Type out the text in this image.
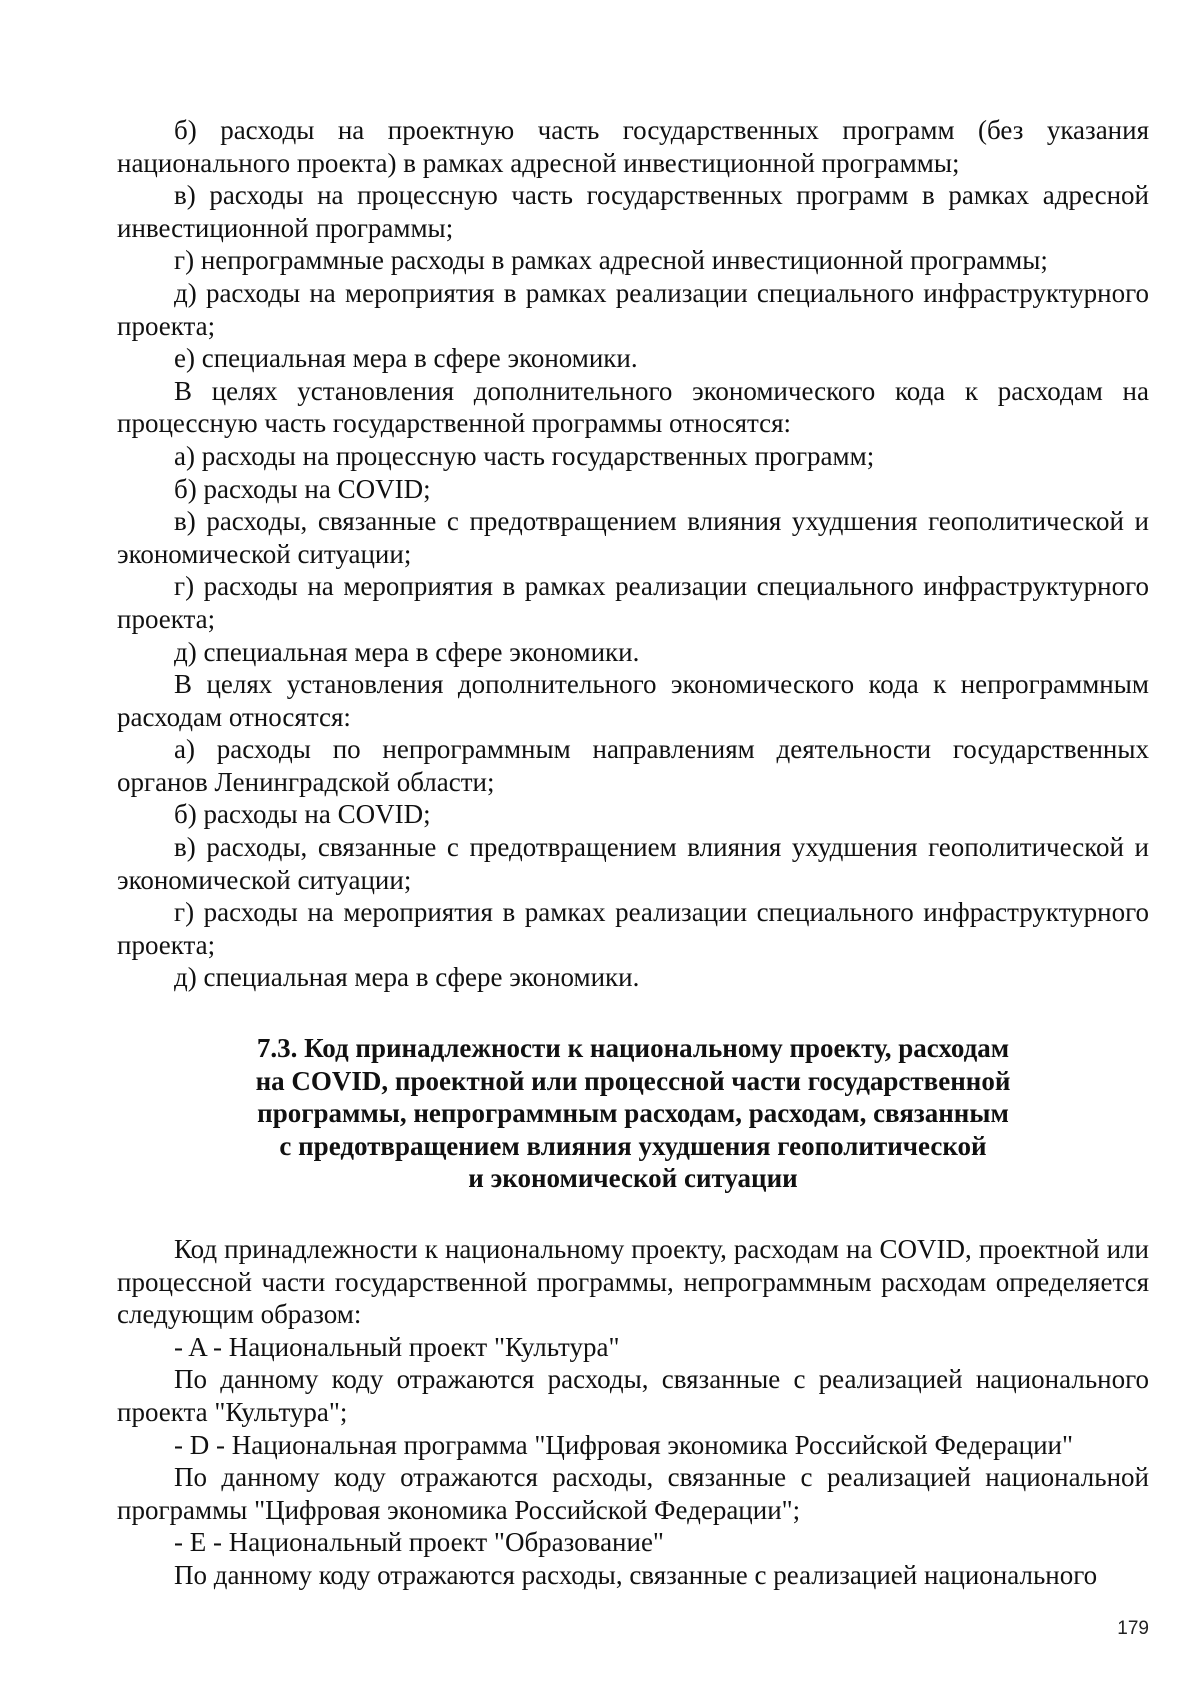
б) расходы на проектную часть государственных программ (без указания национального проекта) в рамках адресной инвестиционной программы;

в) расходы на процессную часть государственных программ в рамках адресной инвестиционной программы;

г) непрограммные расходы в рамках адресной инвестиционной программы;

д) расходы на мероприятия в рамках реализации специального инфраструктурного проекта;

е) специальная мера в сфере экономики.

В целях установления дополнительного экономического кода к расходам на процессную часть государственной программы относятся:

а) расходы на процессную часть государственных программ;

б) расходы на COVID;

в) расходы, связанные с предотвращением влияния ухудшения геополитической и экономической ситуации;

г) расходы на мероприятия в рамках реализации специального инфраструктурного проекта;

д) специальная мера в сфере экономики.

В целях установления дополнительного экономического кода к непрограммным расходам относятся:

а) расходы по непрограммным направлениям деятельности государственных органов Ленинградской области;

б) расходы на COVID;

в) расходы, связанные с предотвращением влияния ухудшения геополитической и экономической ситуации;

г) расходы на мероприятия в рамках реализации специального инфраструктурного проекта;

д) специальная мера в сфере экономики.

7.3. Код принадлежности к национальному проекту, расходам
на COVID, проектной или процессной части государственной
программы, непрограммным расходам, расходам, связанным
с предотвращением влияния ухудшения геополитической
и экономической ситуации

Код принадлежности к национальному проекту, расходам на COVID, проектной или процессной части государственной программы, непрограммным расходам определяется следующим образом:

- A - Национальный проект "Культура"

По данному коду отражаются расходы, связанные с реализацией национального проекта "Культура";

- D - Национальная программа "Цифровая экономика Российской Федерации"

По данному коду отражаются расходы, связанные с реализацией национальной программы "Цифровая экономика Российской Федерации";

- E - Национальный проект "Образование"

По данному коду отражаются расходы, связанные с реализацией национального

179
